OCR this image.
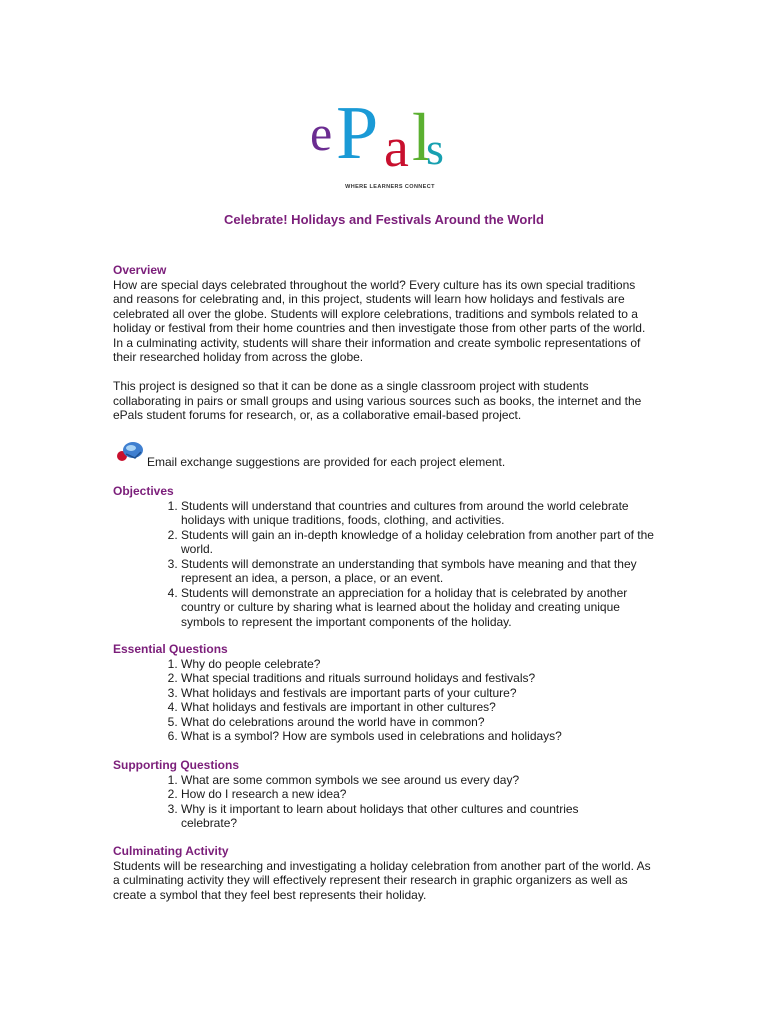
e P a l
s
WHERE LEARNERS CONNECT
Celebrate! Holidays and Festivals Around the World
Overview

How are special days celebrated throughout the world? Every culture has its own special traditions and reasons for celebrating and, in this project, students will learn how holidays and festivals are celebrated all over the globe. Students will explore celebrations, traditions and symbols related to a holiday or festival from their home countries and then investigate those from other parts of the world. In a culminating activity, students will share their information and create symbolic representations of their researched holiday from across the globe.

This project is designed so that it can be done as a single classroom project with students collaborating in pairs or small groups and using various sources such as books, the internet and the ePals student forums for research, or, as a collaborative email-based project.

Email exchange suggestions are provided for each project element.
Objectives
1. Students will understand that countries and cultures from around the world celebrate holidays with unique traditions, foods, clothing, and activities.
2. Students will gain an in-depth knowledge of a holiday celebration from another part of the world.
3. Students will demonstrate an understanding that symbols have meaning and that they represent an idea, a person, a place, or an event.
4. Students will demonstrate an appreciation for a holiday that is celebrated by another country or culture by sharing what is learned about the holiday and creating unique symbols to represent the important components of the holiday.
Essential Questions
1. Why do people celebrate?
2. What special traditions and rituals surround holidays and festivals?
3. What holidays and festivals are important parts of your culture?
4. What holidays and festivals are important in other cultures?
5. What do celebrations around the world have in common?
6. What is a symbol? How are symbols used in celebrations and holidays?
Supporting Questions
1. What are some common symbols we see around us every day?
2. How do I research a new idea?
3. Why is it important to learn about holidays that other cultures and countries celebrate?
Culminating Activity

Students will be researching and investigating a holiday celebration from another part of the world. As a culminating activity they will effectively represent their research in graphic organizers as well as create a symbol that they feel best represents their holiday.
